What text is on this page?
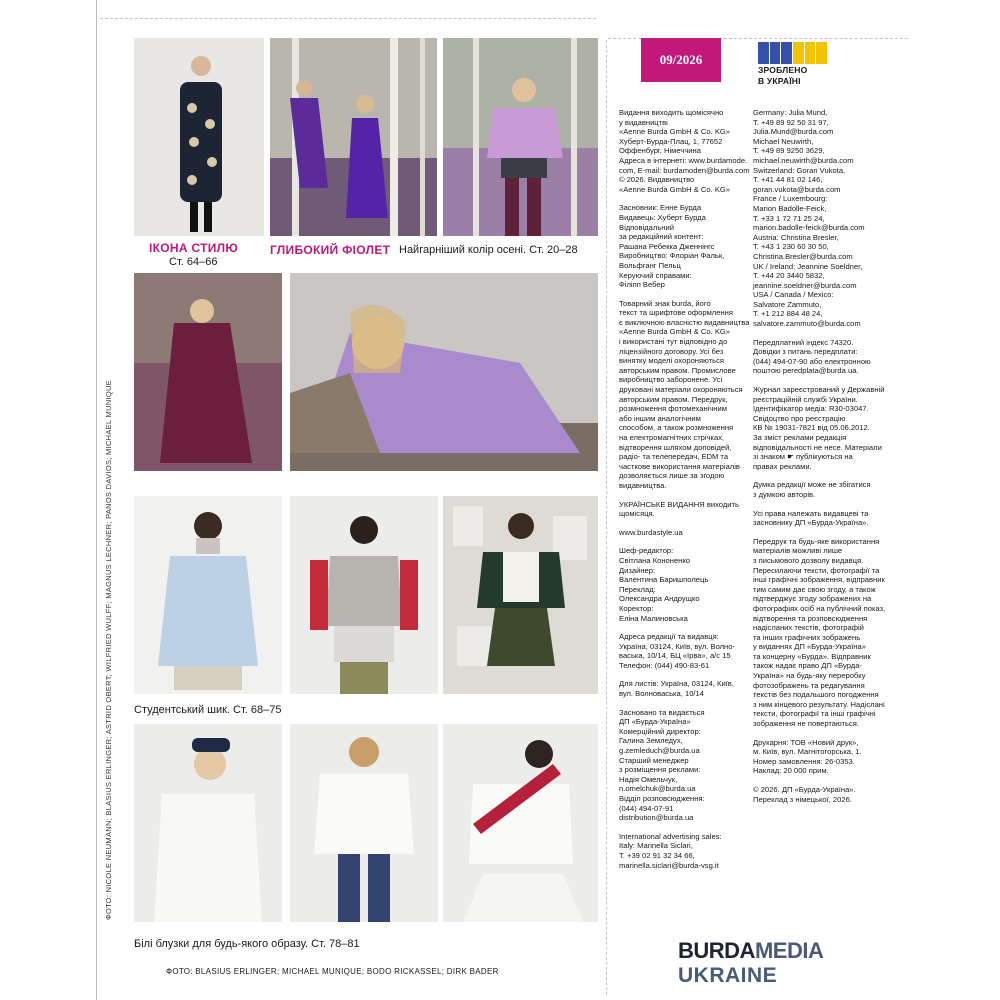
ФОТО: NICOLE NEUMANN; BLASIUS ERLINGER; ASTRID OBERT; WILFRIED WULFF; MAGNUS LECHNER; PANOS DAVIOS; MICHAEL MUNIQUE
ІКОНА СТИЛЮ
Ст. 64–66
ГЛИБОКИЙ ФІОЛЕТ Найгарніший колір осені. Ст. 20–28
Студентський шик. Ст. 68–75
Білі блузки для будь-якого образу. Ст. 78–81
ФОТО: BLASIUS ERLINGER; MICHAEL MUNIQUE; BODO RICKASSEL; DIRK BADER
09/2026
ЗРОБЛЕНО
В УКРАЇНІ

Видання виходить щомісячно
у видавництві
«Aenne Burda GmbH & Co. KG»
Хуберт-Бурда-Плац, 1, 77652
Оффенбург, Німеччина
Адреса в інтернеті: www.burdamode.
com, E-mail: burdamoden@burda.com
© 2026. Видавництво
«Aenne Burda GmbH & Co. KG»

Засновник: Енне Бурда
Видавець: Хуберт Бурда
Відповідальний
за редакційний контент:
Рашана Ребекка Дженнінгс
Виробництво: Флоріан Фальк,
Вольфганг Пельц
Керуючий справами:
Філіпп Вебер

Товарний знак burda, його
текст та шрифтове оформлення
є виключною власністю видавництва
«Aenne Burda GmbH & Co. KG»
і використані тут відповідно до
ліцензійного договору. Усі без
винятку моделі охороняються
авторським правом. Промислове
виробництво заборонене. Усі
друковані матеріали охороняються
авторським правом. Передрук,
розмноження фотомеханічним
або іншим аналогічним
способом, а також розмноження
на електромагнітних стрічках,
відтворення шляхом доповідей,
радіо- та телепередач, EDM та
часткове використання матеріалів
дозволяється лише за згодою
видавництва.

УКРАЇНСЬКЕ ВИДАННЯ виходить
щомісяця.

www.burdastyle.ua

Шеф-редактор:
Світлана Кононенко
Дизайнер:
Валентина Баришполець
Переклад:
Олександра Андрущко
Коректор:
Еліна Малиновська

Адреса редакції та видавця:
Україна, 03124, Київ, вул. Волно-
васька, 10/14, БЦ «Ірва», а/с 15
Телефон: (044) 490-83-61

Для листів: Україна, 03124, Київ,
вул. Волноваська, 10/14

Засновано та видається
ДП «Бурда-Україна»
Комерційний директор:
Галина Земледух,
g.zemleduch@burda.ua
Старший менеджер
з розміщення реклами:
Надія Омельчук,
n.omelchuk@burda.ua
Відділ розповсюдження:
(044) 494-07-91
distribution@burda.ua

International advertising sales:
Italy: Marinella Siclari,
T. +39 02 91 32 34 66,
marinella.siclari@burda-vsg.it

Germany: Julia Mund,
T. +49 89 92 50 31 97,
Julia.Mund@burda.com
Michael Neuwirth,
T. +49 89 9250 3629,
michael.neuwirth@burda.com
Switzerland: Goran Vukota,
T. +41 44 81 02 146,
goran.vukota@burda.com
France / Luxembourg:
Marion Badolle-Feick,
T. +33 1 72 71 25 24,
marion.badolle-feick@burda.com
Austria: Christina Bresler,
T. +43 1 230 60 30 50,
Christina.Bresler@burda.com
UK / Ireland: Jeannine Soeldner,
T. +44 20 3440 5832,
jeannine.soeldner@burda.com
USA / Canada / Mexico:
Salvatore Zammuto,
T. +1 212 884 48 24,
salvatore.zammuto@burda.com

Передплатний індекс 74320.
Довідки з питань передплати:
(044) 494-07-90 або електронною
поштою peredplata@burda.ua.

Журнал зареєстрований у Державній
реєстраційній службі України.
Ідентифікатор медіа: R30-03047.
Свідоцтво про реєстрацію
КВ № 19031-7821 від 05.06.2012.
За зміст реклами редакція
відповідальності не несе. Матеріали
зі знаком ☛ публікуються на
правах реклами.

Думка редакції може не збігатися
з думкою авторів.

Усі права належать видавцеві та
засновнику ДП «Бурда-Україна».

Передрук та будь-яке використання
матеріалів можливі лише
з письмового дозволу видавця.
Пересилаючи тексти, фотографії та
інші графічні зображення, відправник
тим самим дає свою згоду, а також
підтверджує згоду зображених на
фотографіях осіб на публічний показ,
відтворення та розповсюдження
надісланих текстів, фотографій
та інших графічних зображень
у виданнях ДП «Бурда-Україна»
та концерну «Бурда». Відправник
також надає право ДП «Бурда-
Україна» на будь-яку переробку
фотозображень та редагування
текстів без подальшого погодження
з ним кінцевого результату. Надіслані
тексти, фотографії та інші графічні
зображення не повертаються.

Друкарня: ТОВ «Новий друк»,
м. Київ, вул. Магнітогорська, 1.
Номер замовлення: 26-0353.
Наклад: 20 000 прим.

© 2026. ДП «Бурда-Україна».
Переклад з німецької, 2026.

BURDAMEDIA
UKRAINE
